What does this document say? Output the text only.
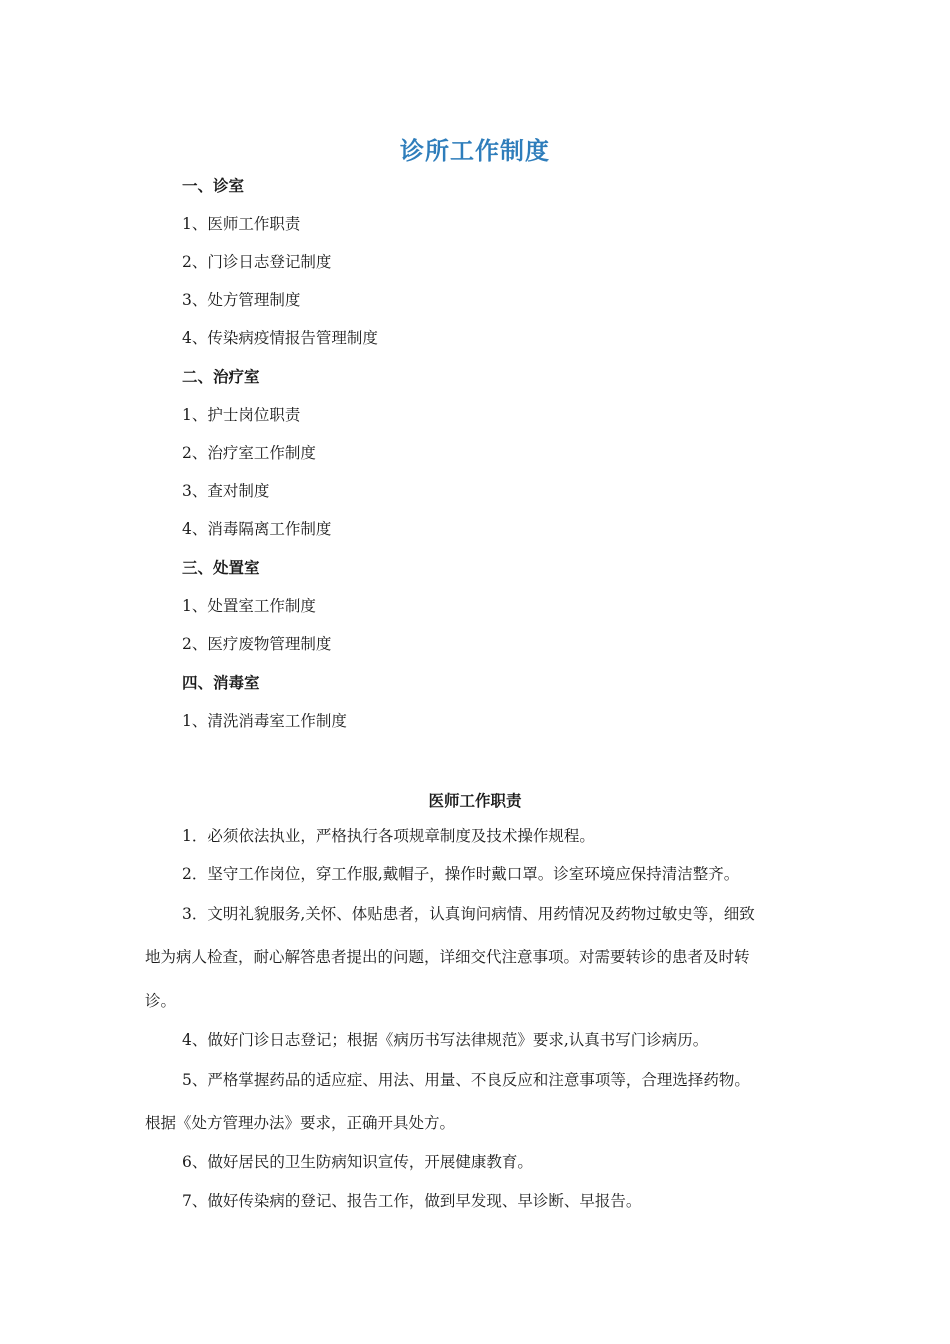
诊所工作制度
一、诊室
1、医师工作职责
2、门诊日志登记制度
3、处方管理制度
4、传染病疫情报告管理制度
二、治疗室
1、护士岗位职责
2、治疗室工作制度
3、查对制度
4、消毒隔离工作制度
三、处置室
1、处置室工作制度
2、医疗废物管理制度
四、消毒室
1、清洗消毒室工作制度
医师工作职责
1．必须依法执业，严格执行各项规章制度及技术操作规程。
2．坚守工作岗位，穿工作服,戴帽子，操作时戴口罩。诊室环境应保持清洁整齐。
3．文明礼貌服务,关怀、体贴患者，认真询问病情、用药情况及药物过敏史等，细致
地为病人检查，耐心解答患者提出的问题，详细交代注意事项。对需要转诊的患者及时转
诊。
4、做好门诊日志登记；根据《病历书写法律规范》要求,认真书写门诊病历。
5、严格掌握药品的适应症、用法、用量、不良反应和注意事项等，合理选择药物。
根据《处方管理办法》要求，正确开具处方。
6、做好居民的卫生防病知识宣传，开展健康教育。
7、做好传染病的登记、报告工作，做到早发现、早诊断、早报告。
